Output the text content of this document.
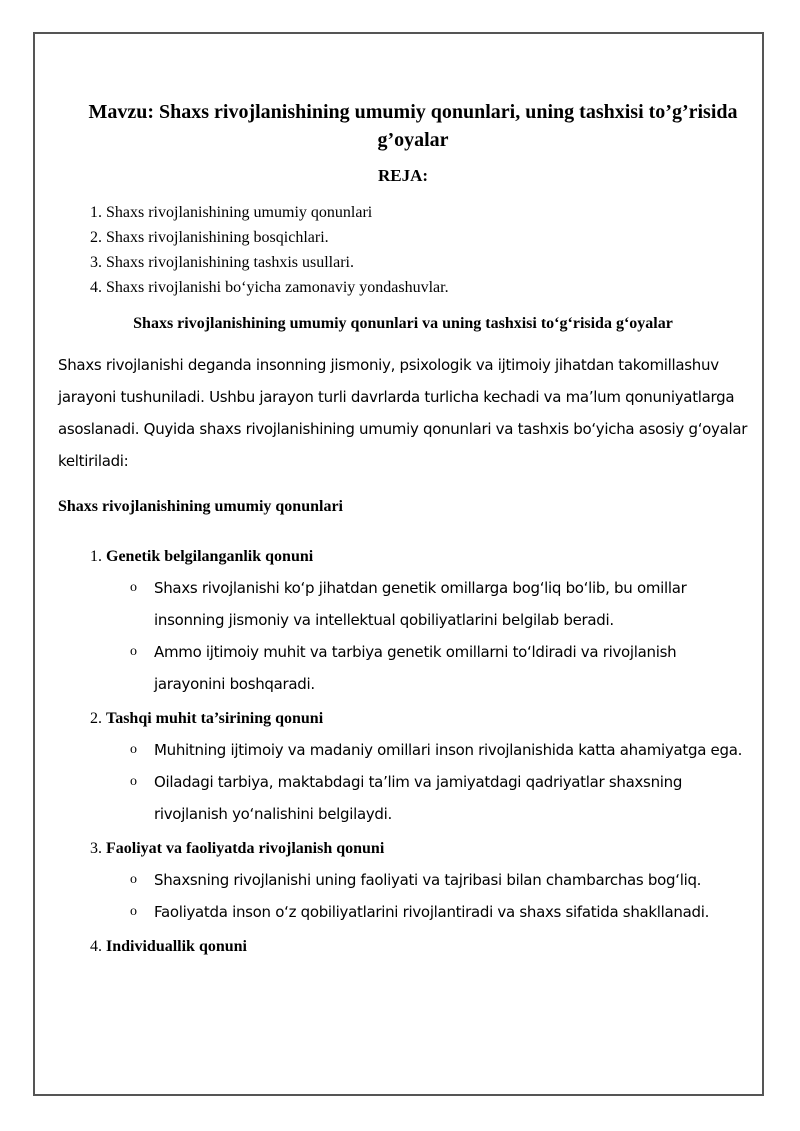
Mavzu: Shaxs rivojlanishining umumiy qonunlari, uning tashxisi to’g’risida g’oyalar
REJA:
1. Shaxs rivojlanishining umumiy qonunlari
2. Shaxs rivojlanishining bosqichlari.
3. Shaxs rivojlanishining tashxis usullari.
4. Shaxs rivojlanishi bo‘yicha zamonaviy yondashuvlar.
Shaxs rivojlanishining umumiy qonunlari va uning tashxisi to‘g‘risida g‘oyalar

Shaxs rivojlanishi deganda insonning jismoniy, psixologik va ijtimoiy jihatdan takomillashuv jarayoni tushuniladi. Ushbu jarayon turli davrlarda turlicha kechadi va ma’lum qonuniyatlarga asoslanadi. Quyida shaxs rivojlanishining umumiy qonunlari va tashxis bo‘yicha asosiy g‘oyalar keltiriladi:

Shaxs rivojlanishining umumiy qonunlari
1. Genetik belgilanganlik qonuni
o Shaxs rivojlanishi ko‘p jihatdan genetik omillarga bog‘liq bo‘lib, bu omillar insonning jismoniy va intellektual qobiliyatlarini belgilab beradi.
o Ammo ijtimoiy muhit va tarbiya genetik omillarni to‘ldiradi va rivojlanish jarayonini boshqaradi.
2. Tashqi muhit ta’sirining qonuni
o Muhitning ijtimoiy va madaniy omillari inson rivojlanishida katta ahamiyatga ega.
o Oiladagi tarbiya, maktabdagi ta’lim va jamiyatdagi qadriyatlar shaxsning rivojlanish yo‘nalishini belgilaydi.
3. Faoliyat va faoliyatda rivojlanish qonuni
o Shaxsning rivojlanishi uning faoliyati va tajribasi bilan chambarchas bog‘liq.
o Faoliyatda inson o‘z qobiliyatlarini rivojlantiradi va shaxs sifatida shakllanadi.
4. Individuallik qonuni
